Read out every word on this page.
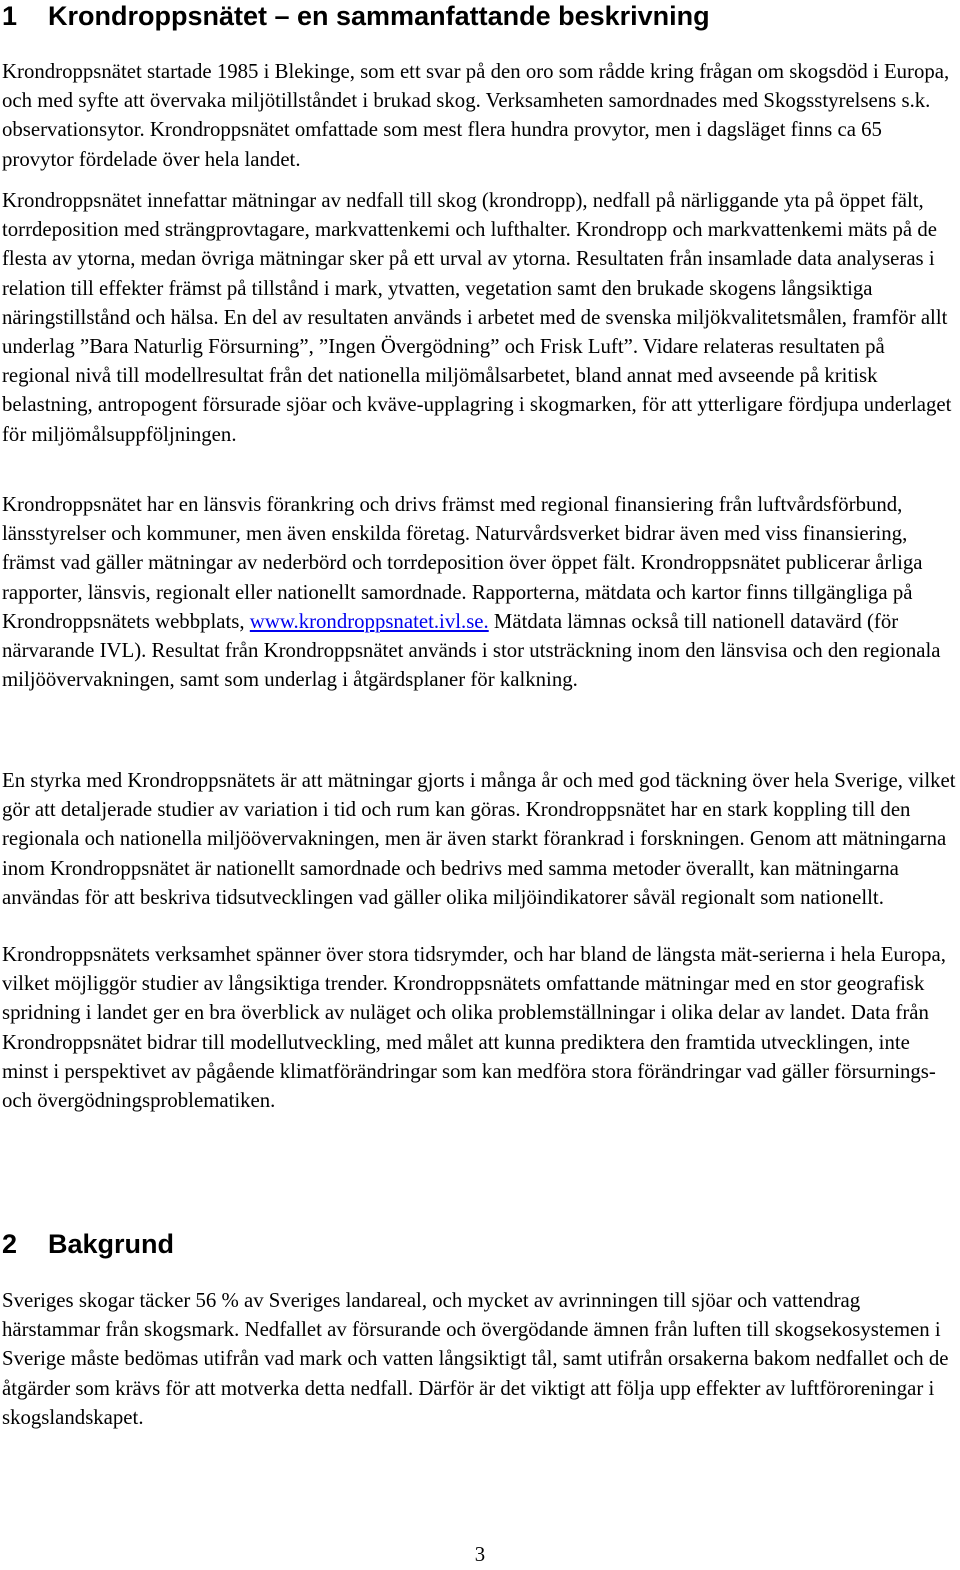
1 Krondroppsnätet – en sammanfattande beskrivning

Krondroppsnätet startade 1985 i Blekinge, som ett svar på den oro som rådde kring frågan om skogsdöd i Europa, och med syfte att övervaka miljötillståndet i brukad skog. Verksamheten samordnades med Skogsstyrelsens s.k. observationsytor. Krondroppsnätet omfattade som mest flera hundra provytor, men i dagsläget finns ca 65 provytor fördelade över hela landet.

Krondroppsnätet innefattar mätningar av nedfall till skog (krondropp), nedfall på närliggande yta på öppet fält, torrdeposition med strängprovtagare, markvattenkemi och lufthalter. Krondropp och markvattenkemi mäts på de flesta av ytorna, medan övriga mätningar sker på ett urval av ytorna. Resultaten från insamlade data analyseras i relation till effekter främst på tillstånd i mark, ytvatten, vegetation samt den brukade skogens långsiktiga näringstillstånd och hälsa. En del av resultaten används i arbetet med de svenska miljökvalitetsmålen, framför allt underlag ”Bara Naturlig Försurning”, ”Ingen Övergödning” och Frisk Luft”. Vidare relateras resultaten på regional nivå till modellresultat från det nationella miljömålsarbetet, bland annat med avseende på kritisk belastning, antropogent försurade sjöar och kväve-upplagring i skogmarken, för att ytterligare fördjupa underlaget för miljömålsuppföljningen.

Krondroppsnätet har en länsvis förankring och drivs främst med regional finansiering från luftvårdsförbund, länsstyrelser och kommuner, men även enskilda företag. Naturvårdsverket bidrar även med viss finansiering, främst vad gäller mätningar av nederbörd och torrdeposition över öppet fält. Krondroppsnätet publicerar årliga rapporter, länsvis, regionalt eller nationellt samordnade. Rapporterna, mätdata och kartor finns tillgängliga på Krondroppsnätets webbplats, www.krondroppsnatet.ivl.se. Mätdata lämnas också till nationell datavärd (för närvarande IVL). Resultat från Krondroppsnätet används i stor utsträckning inom den länsvisa och den regionala miljöövervakningen, samt som underlag i åtgärdsplaner för kalkning.

En styrka med Krondroppsnätets är att mätningar gjorts i många år och med god täckning över hela Sverige, vilket gör att detaljerade studier av variation i tid och rum kan göras. Krondroppsnätet har en stark koppling till den regionala och nationella miljöövervakningen, men är även starkt förankrad i forskningen. Genom att mätningarna inom Krondroppsnätet är nationellt samordnade och bedrivs med samma metoder överallt, kan mätningarna användas för att beskriva tidsutvecklingen vad gäller olika miljöindikatorer såväl regionalt som nationellt.

Krondroppsnätets verksamhet spänner över stora tidsrymder, och har bland de längsta mät-serierna i hela Europa, vilket möjliggör studier av långsiktiga trender. Krondroppsnätets omfattande mätningar med en stor geografisk spridning i landet ger en bra överblick av nuläget och olika problemställningar i olika delar av landet. Data från Krondroppsnätet bidrar till modellutveckling, med målet att kunna prediktera den framtida utvecklingen, inte minst i perspektivet av pågående klimatförändringar som kan medföra stora förändringar vad gäller försurnings- och övergödningsproblematiken.

2 Bakgrund

Sveriges skogar täcker 56 % av Sveriges landareal, och mycket av avrinningen till sjöar och vattendrag härstammar från skogsmark. Nedfallet av försurande och övergödande ämnen från luften till skogsekosystemen i Sverige måste bedömas utifrån vad mark och vatten långsiktigt tål, samt utifrån orsakerna bakom nedfallet och de åtgärder som krävs för att motverka detta nedfall. Därför är det viktigt att följa upp effekter av luftföroreningar i skogslandskapet.

3
